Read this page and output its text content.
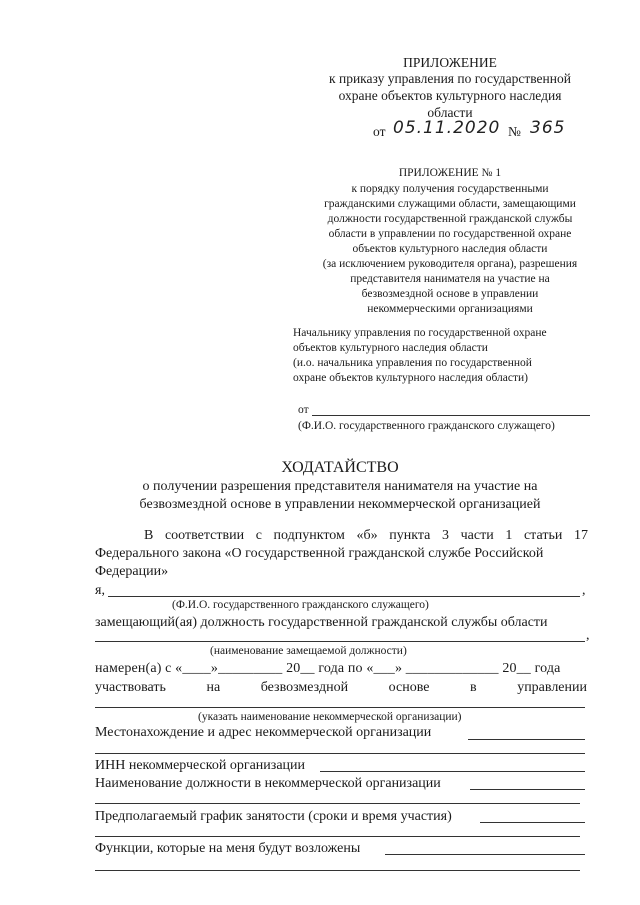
ПРИЛОЖЕНИЕ
к приказу управления по государственной
охране объектов культурного наследия
области
от 05.11.2020 № 365
ПРИЛОЖЕНИЕ № 1
к порядку получения государственными
гражданскими служащими области, замещающими
должности государственной гражданской службы
области в управлении по государственной охране
объектов культурного наследия области
(за исключением руководителя органа), разрешения
представителя нанимателя на участие на
безвозмездной основе в управлении
некоммерческими организациями
Начальнику управления по государственной охране
объектов культурного наследия области
(и.о. начальника управления по государственной
охране объектов культурного наследия области)
от
(Ф.И.О. государственного гражданского служащего)
ХОДАТАЙСТВО
о получении разрешения представителя нанимателя на участие на
безвозмездной основе в управлении некоммерческой организацией
В соответствии с подпунктом «б» пункта 3 части 1 статьи 17
Федерального закона «О государственной гражданской службе Российской
Федерации»
я,	,
(Ф.И.О. государственного гражданского служащего)
замещающий(ая) должность государственной гражданской службы области
,
(наименование замещаемой должности)
намерен(а) с «____»_________ 20__ года по «___» _____________ 20__ года
участвовать	на	безвозмездной	основе	в	управлении
(указать наименование некоммерческой организации)
Местонахождение и адрес некоммерческой организации
ИНН некоммерческой организации
Наименование должности в некоммерческой организации
Предполагаемый график занятости (сроки и время участия)
Функции, которые на меня будут возложены
